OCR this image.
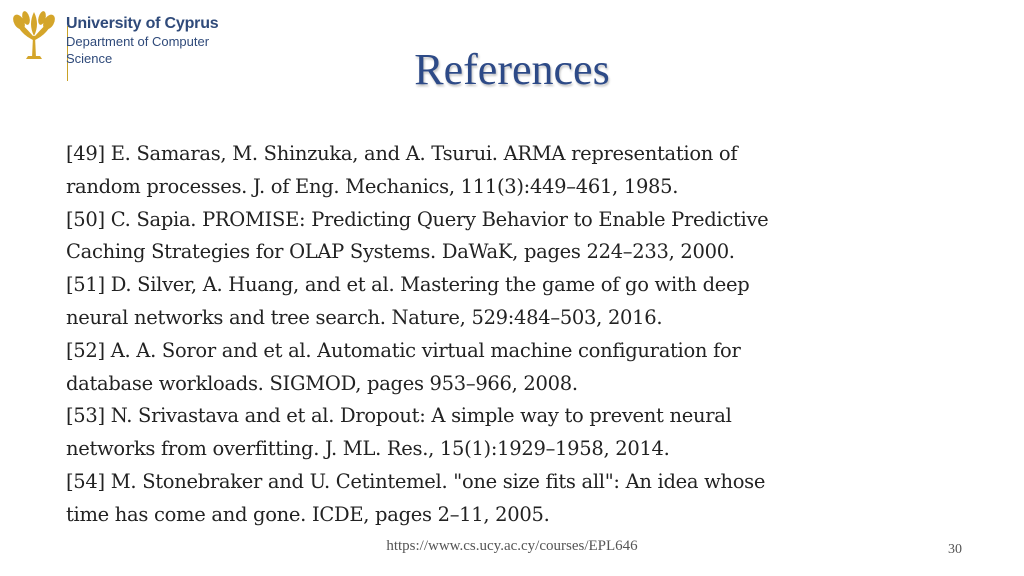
University of Cyprus
Department of Computer
Science	References
[49] E. Samaras, M. Shinzuka, and A. Tsurui. ARMA representation of
random processes. J. of Eng. Mechanics, 111(3):449–461, 1985.
[50] C. Sapia. PROMISE: Predicting Query Behavior to Enable Predictive
Caching Strategies for OLAP Systems. DaWaK, pages 224–233, 2000.
[51] D. Silver, A. Huang, and et al. Mastering the game of go with deep
neural networks and tree search. Nature, 529:484–503, 2016.
[52] A. A. Soror and et al. Automatic virtual machine configuration for
database workloads. SIGMOD, pages 953–966, 2008.
[53] N. Srivastava and et al. Dropout: A simple way to prevent neural
networks from overfitting. J. ML. Res., 15(1):1929–1958, 2014.
[54] M. Stonebraker and U. Cetintemel. "one size fits all": An idea whose
time has come and gone. ICDE, pages 2–11, 2005.
https://www.cs.ucy.ac.cy/courses/EPL646	30
